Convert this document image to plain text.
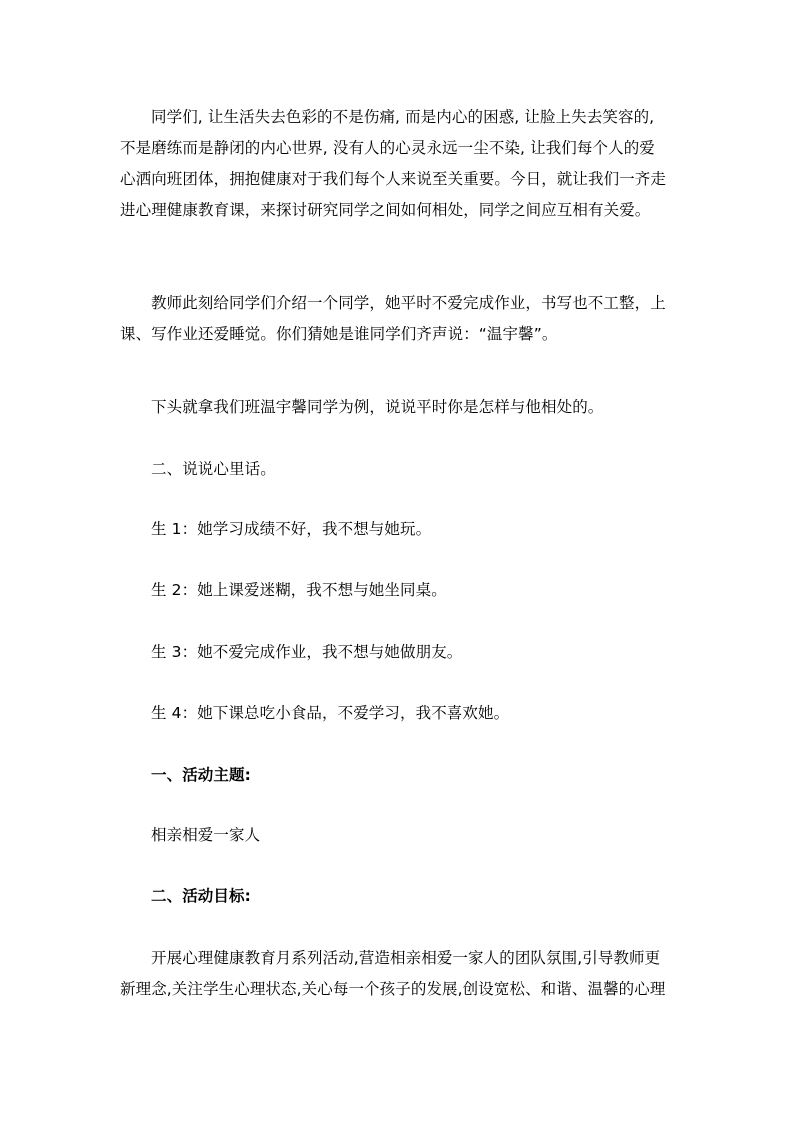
同学们, 让生活失去色彩的不是伤痛, 而是内心的困惑, 让脸上失去笑容的,
不是磨练而是静闭的内心世界, 没有人的心灵永远一尘不染, 让我们每个人的爱
心洒向班团体，拥抱健康对于我们每个人来说至关重要。今日，就让我们一齐走
进心理健康教育课，来探讨研究同学之间如何相处，同学之间应互相有关爱。
教师此刻给同学们介绍一个同学，她平时不爱完成作业，书写也不工整，上
课、写作业还爱睡觉。你们猜她是谁同学们齐声说：“温宇馨”。
下头就拿我们班温宇馨同学为例，说说平时你是怎样与他相处的。
二、说说心里话。
生 1：她学习成绩不好，我不想与她玩。
生 2：她上课爱迷糊，我不想与她坐同桌。
生 3：她不爱完成作业，我不想与她做朋友。
生 4：她下课总吃小食品，不爱学习，我不喜欢她。
一、活动主题:
相亲相爱一家人
二、活动目标:
开展心理健康教育月系列活动,营造相亲相爱一家人的团队氛围,引导教师更
新理念,关注学生心理状态,关心每一个孩子的发展,创设宽松、和谐、温馨的心理
